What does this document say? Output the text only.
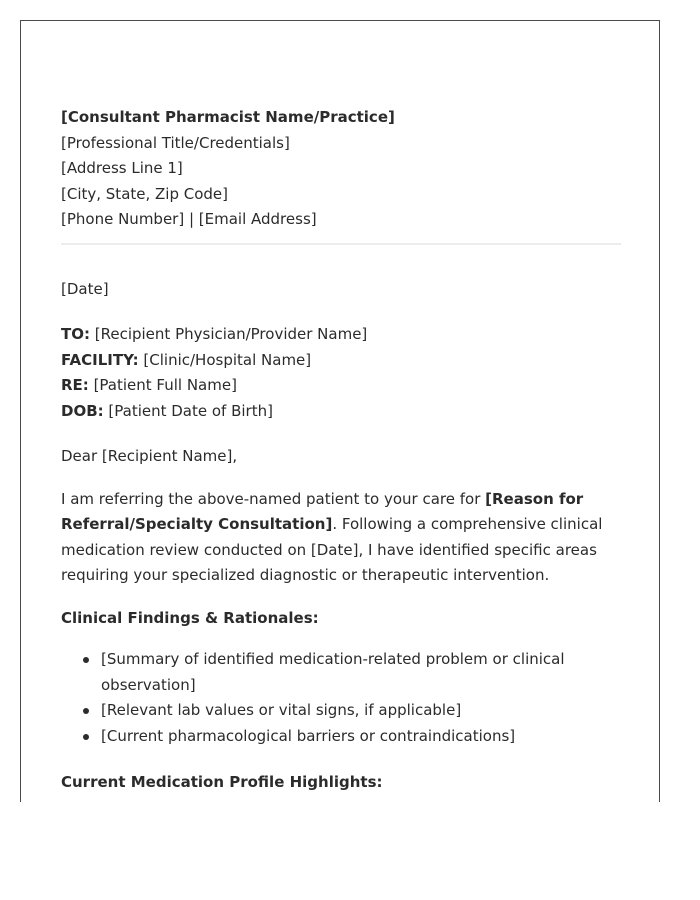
[Consultant Pharmacist Name/Practice]
[Professional Title/Credentials]
[Address Line 1]
[City, State, Zip Code]
[Phone Number] | [Email Address]
[Date]
TO: [Recipient Physician/Provider Name]
FACILITY: [Clinic/Hospital Name]
RE: [Patient Full Name]
DOB: [Patient Date of Birth]
Dear [Recipient Name],
I am referring the above-named patient to your care for [Reason for Referral/Specialty Consultation]. Following a comprehensive clinical medication review conducted on [Date], I have identified specific areas requiring your specialized diagnostic or therapeutic intervention.
Clinical Findings & Rationales:
[Summary of identified medication-related problem or clinical observation]
[Relevant lab values or vital signs, if applicable]
[Current pharmacological barriers or contraindications]
Current Medication Profile Highlights:
